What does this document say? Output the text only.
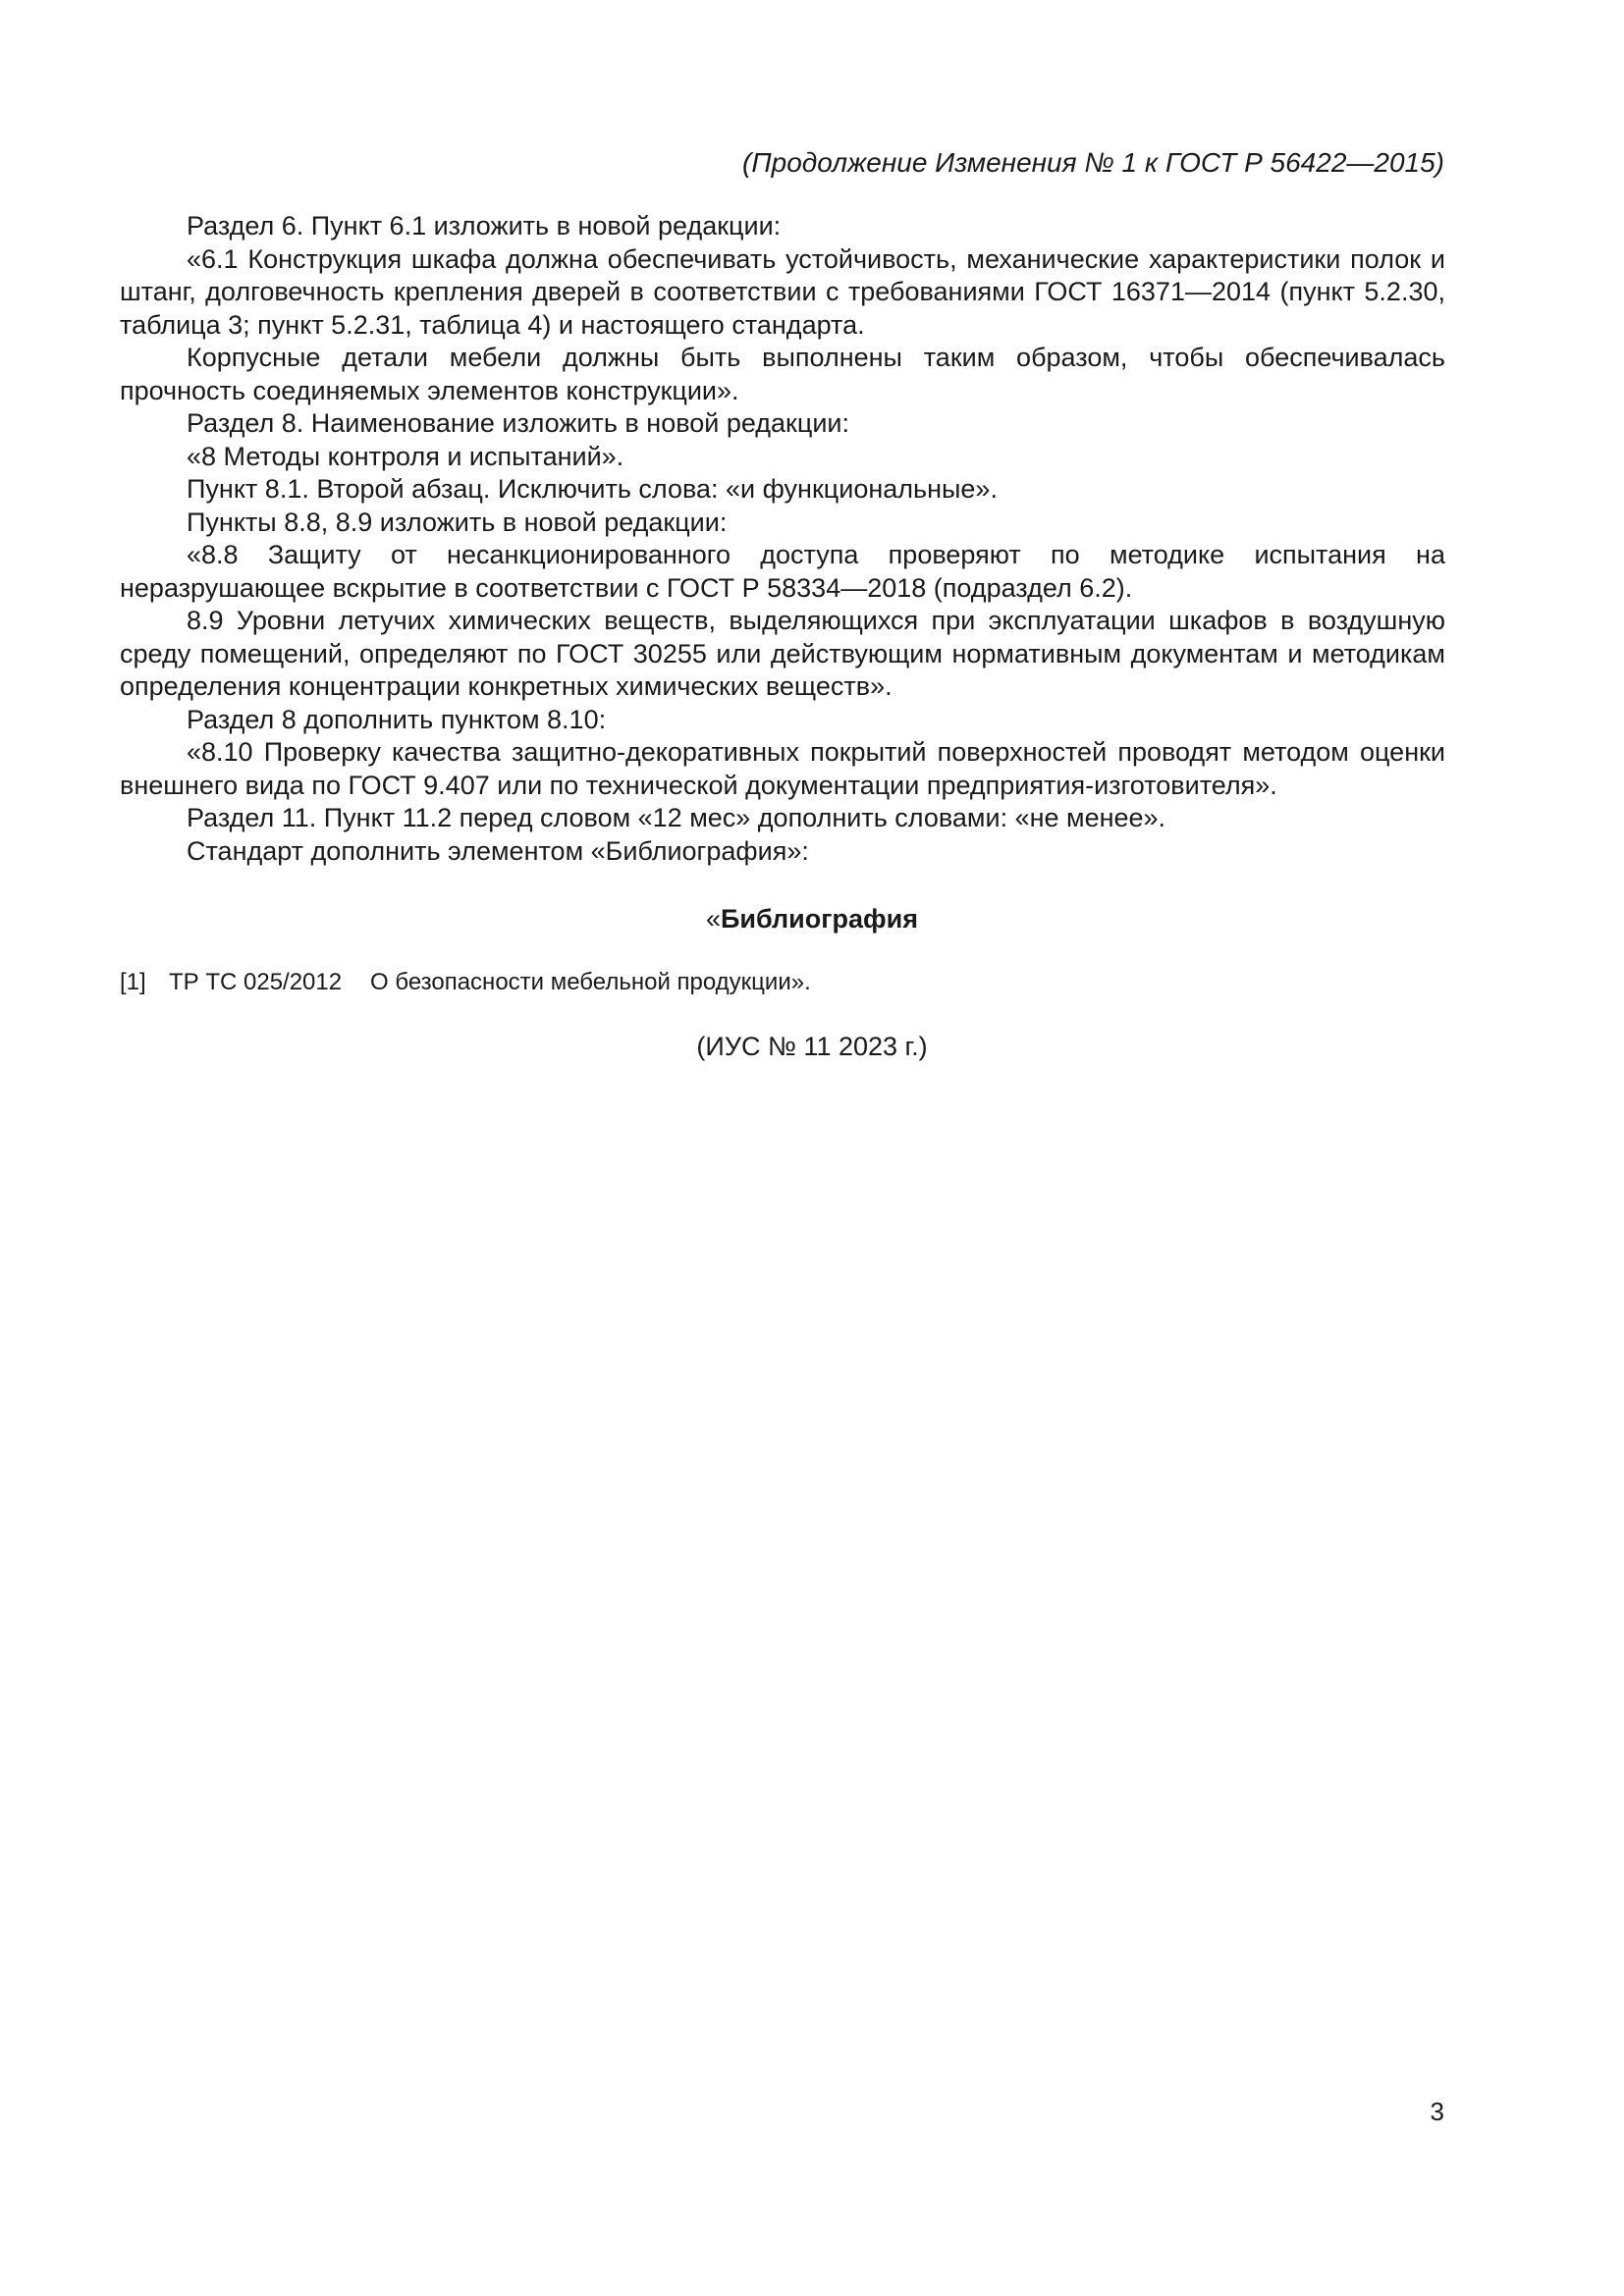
(Продолжение Изменения № 1 к ГОСТ Р 56422—2015)

Раздел 6. Пункт 6.1 изложить в новой редакции:

«6.1 Конструкция шкафа должна обеспечивать устойчивость, механические характеристики полок и штанг, долговечность крепления дверей в соответствии с требованиями ГОСТ 16371—2014 (пункт 5.2.30, таблица 3; пункт 5.2.31, таблица 4) и настоящего стандарта.

Корпусные детали мебели должны быть выполнены таким образом, чтобы обеспечивалась прочность соединяемых элементов конструкции».

Раздел 8. Наименование изложить в новой редакции:

«8 Методы контроля и испытаний».

Пункт 8.1. Второй абзац. Исключить слова: «и функциональные».

Пункты 8.8, 8.9 изложить в новой редакции:

«8.8 Защиту от несанкционированного доступа проверяют по методике испытания на неразрушающее вскрытие в соответствии с ГОСТ Р 58334—2018 (подраздел 6.2).

8.9 Уровни летучих химических веществ, выделяющихся при эксплуатации шкафов в воздушную среду помещений, определяют по ГОСТ 30255 или действующим нормативным документам и методикам определения концентрации конкретных химических веществ».

Раздел 8 дополнить пунктом 8.10:

«8.10 Проверку качества защитно-декоративных покрытий поверхностей проводят методом оценки внешнего вида по ГОСТ 9.407 или по технической документации предприятия-изготовителя».

Раздел 11. Пункт 11.2 перед словом «12 мес» дополнить словами: «не менее».

Стандарт дополнить элементом «Библиография»:

«Библиография
[1] ТР ТС 025/2012 О безопасности мебельной продукции».
(ИУС № 11 2023 г.)
3
